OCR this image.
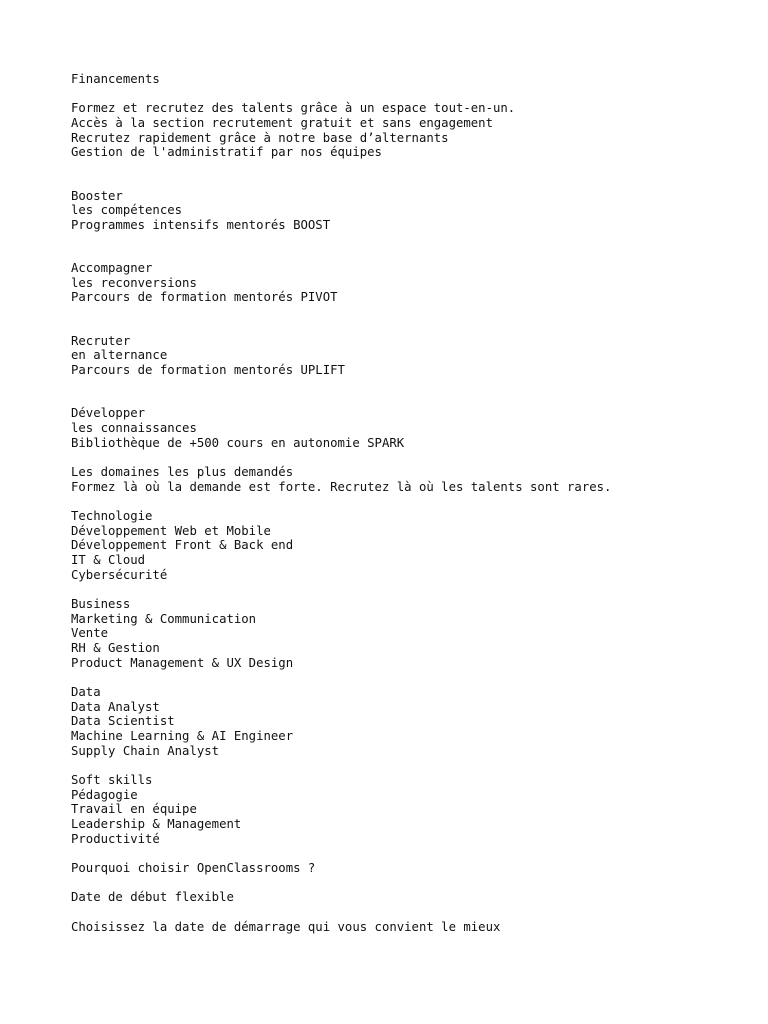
Financements
Formez et recrutez des talents grâce à un espace tout-en-un.
Accès à la section recrutement gratuit et sans engagement
Recrutez rapidement grâce à notre base d’alternants
Gestion de l'administratif par nos équipes
Booster
les compétences
Programmes intensifs mentorés BOOST
Accompagner
les reconversions
Parcours de formation mentorés PIVOT
Recruter
en alternance
Parcours de formation mentorés UPLIFT
Développer
les connaissances
Bibliothèque de +500 cours en autonomie SPARK
Les domaines les plus demandés
Formez là où la demande est forte. Recrutez là où les talents sont rares.
Technologie
Développement Web et Mobile
Développement Front & Back end
IT & Cloud
Cybersécurité
Business
Marketing & Communication
Vente
RH & Gestion
Product Management & UX Design
Data
Data Analyst
Data Scientist
Machine Learning & AI Engineer
Supply Chain Analyst
Soft skills
Pédagogie
Travail en équipe
Leadership & Management
Productivité
Pourquoi choisir OpenClassrooms ?
Date de début flexible
Choisissez la date de démarrage qui vous convient le mieux
